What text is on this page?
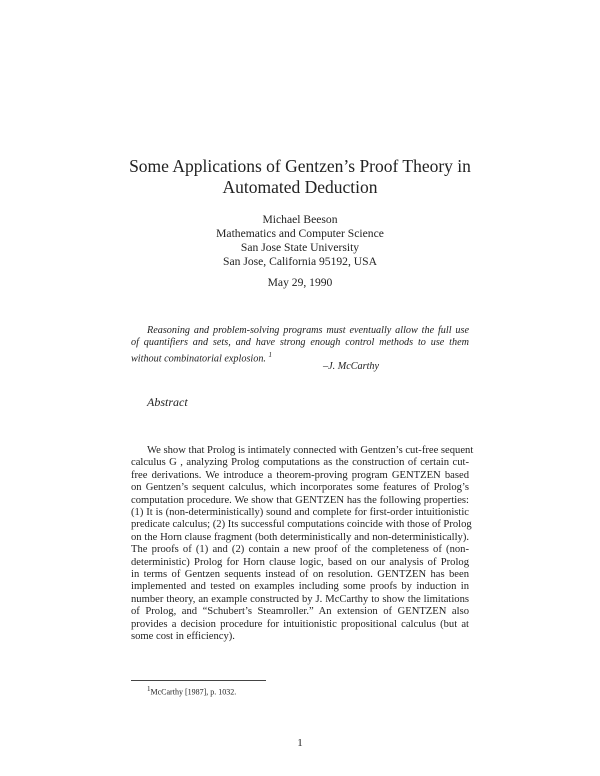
Some Applications of Gentzen’s Proof Theory in
Automated Deduction
Michael Beeson
Mathematics and Computer Science
San Jose State University
San Jose, California 95192, USA
May 29, 1990
Reasoning and problem-solving programs must eventually allow the full use
of quantifiers and sets, and have strong enough control methods to use them
without combinatorial explosion. $^1$
–J. McCarthy
Abstract
We show that Prolog is intimately connected with Gentzen’s cut-free sequent
calculus G , analyzing Prolog computations as the construction of certain cut-
free derivations. We introduce a theorem-proving program GENTZEN based
on Gentzen’s sequent calculus, which incorporates some features of Prolog’s
computation procedure. We show that GENTZEN has the following properties:
(1) It is (non-deterministically) sound and complete for first-order intuitionistic
predicate calculus; (2) Its successful computations coincide with those of Prolog
on the Horn clause fragment (both deterministically and non-deterministically).
The proofs of (1) and (2) contain a new proof of the completeness of (non-
deterministic) Prolog for Horn clause logic, based on our analysis of Prolog
in terms of Gentzen sequents instead of on resolution. GENTZEN has been
implemented and tested on examples including some proofs by induction in
number theory, an example constructed by J. McCarthy to show the limitations
of Prolog, and “Schubert’s Steamroller.” An extension of GENTZEN also
provides a decision procedure for intuitionistic propositional calculus (but at
some cost in efficiency).
$^1$McCarthy [1987], p. 1032.
1
